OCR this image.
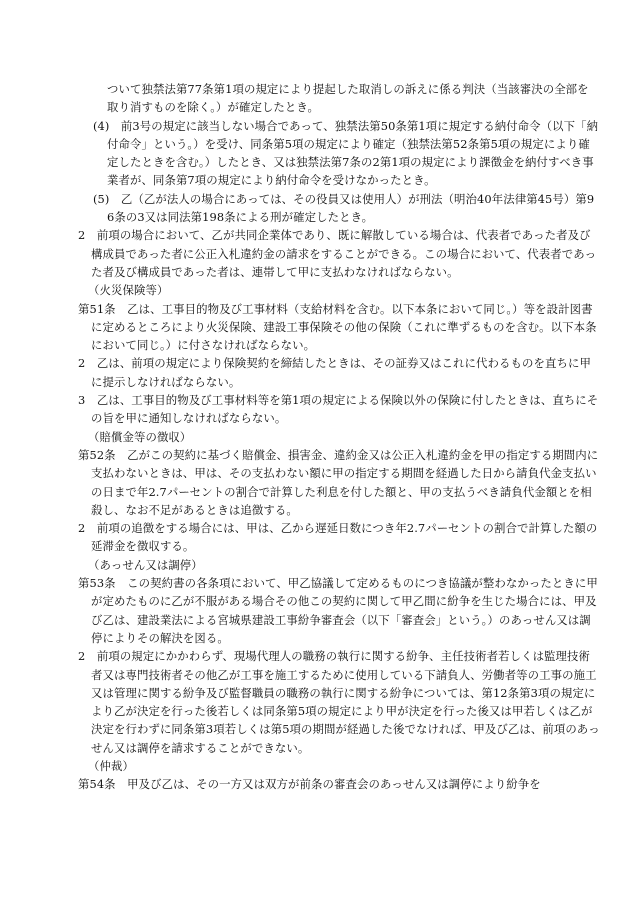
ついて独禁法第77条第1項の規定により提起した取消しの訴えに係る判決（当該審決の全部を取り消すものを除く。）が確定したとき。

(4)　前3号の規定に該当しない場合であって、独禁法第50条第1項に規定する納付命令（以下「納付命令」という。）を受け、同条第5項の規定により確定（独禁法第52条第5項の規定により確定したときを含む。）したとき、又は独禁法第7条の2第1項の規定により課徴金を納付すべき事業者が、同条第7項の規定により納付命令を受けなかったとき。

(5)　乙（乙が法人の場合にあっては、その役員又は使用人）が刑法（明治40年法律第45号）第96条の3又は同法第198条による刑が確定したとき。

2　前項の場合において、乙が共同企業体であり、既に解散している場合は、代表者であった者及び構成員であった者に公正入札違約金の請求をすることができる。この場合において、代表者であった者及び構成員であった者は、連帯して甲に支払わなければならない。

（火災保険等）

第51条　乙は、工事目的物及び工事材料（支給材料を含む。以下本条において同じ。）等を設計図書に定めるところにより火災保険、建設工事保険その他の保険（これに準ずるものを含む。以下本条において同じ。）に付さなければならない。

2　乙は、前項の規定により保険契約を締結したときは、その証券又はこれに代わるものを直ちに甲に提示しなければならない。

3　乙は、工事目的物及び工事材料等を第1項の規定による保険以外の保険に付したときは、直ちにその旨を甲に通知しなければならない。

（賠償金等の徴収）

第52条　乙がこの契約に基づく賠償金、損害金、違約金又は公正入札違約金を甲の指定する期間内に支払わないときは、甲は、その支払わない額に甲の指定する期間を経過した日から請負代金支払いの日まで年2.7パーセントの割合で計算した利息を付した額と、甲の支払うべき請負代金額とを相殺し、なお不足があるときは追徴する。

2　前項の追徴をする場合には、甲は、乙から遅延日数につき年2.7パーセントの割合で計算した額の延滞金を徴収する。

（あっせん又は調停）

第53条　この契約書の各条項において、甲乙協議して定めるものにつき協議が整わなかったときに甲が定めたものに乙が不服がある場合その他この契約に関して甲乙間に紛争を生じた場合には、甲及び乙は、建設業法による宮城県建設工事紛争審査会（以下「審査会」という。）のあっせん又は調停によりその解決を図る。

2　前項の規定にかかわらず、現場代理人の職務の執行に関する紛争、主任技術者若しくは監理技術者又は専門技術者その他乙が工事を施工するために使用している下請負人、労働者等の工事の施工又は管理に関する紛争及び監督職員の職務の執行に関する紛争については、第12条第3項の規定により乙が決定を行った後若しくは同条第5項の規定により甲が決定を行った後又は甲若しくは乙が決定を行わずに同条第3項若しくは第5項の期間が経過した後でなければ、甲及び乙は、前項のあっせん又は調停を請求することができない。

（仲裁）

第54条　甲及び乙は、その一方又は双方が前条の審査会のあっせん又は調停により紛争を
